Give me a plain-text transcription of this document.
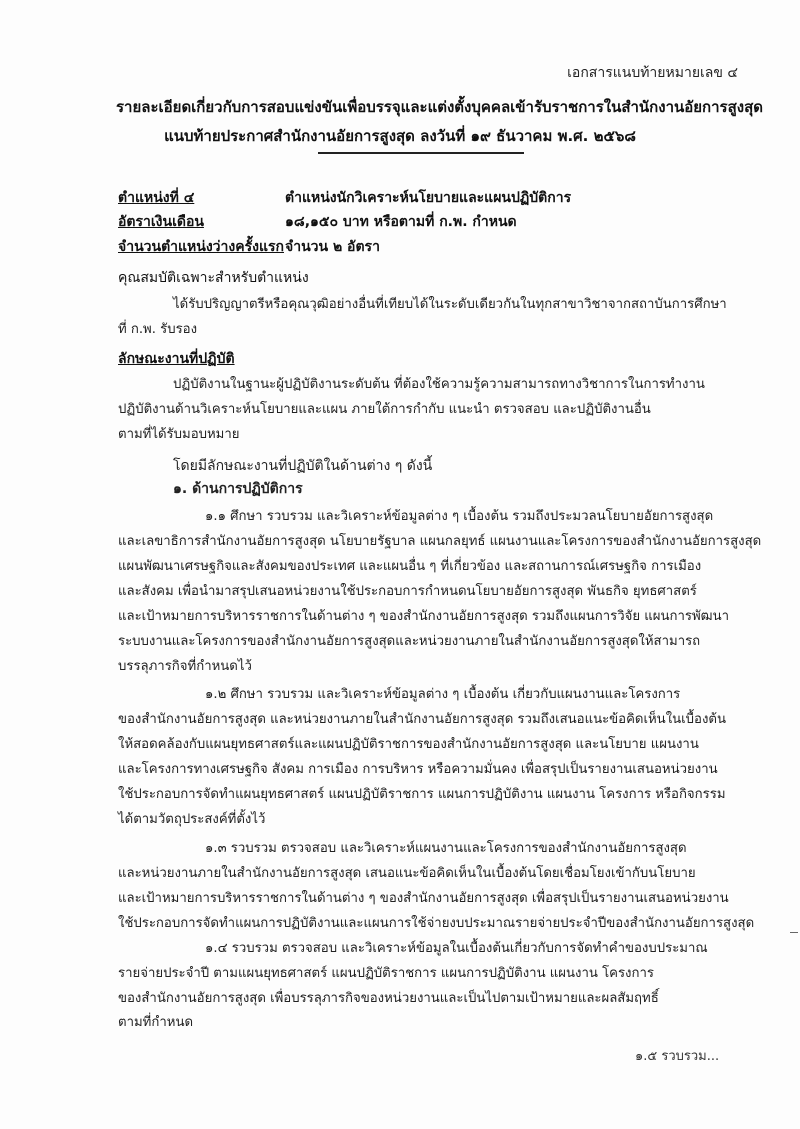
เอกสารแนบท้ายหมายเลข ๔
รายละเอียดเกี่ยวกับการสอบแข่งขันเพื่อบรรจุและแต่งตั้งบุคคลเข้ารับราชการในสำนักงานอัยการสูงสุด
แนบท้ายประกาศสำนักงานอัยการสูงสุด ลงวันที่ ๑๙ ธันวาคม พ.ศ. ๒๕๖๘
ตำแหน่งที่ ๔	ตำแหน่งนักวิเคราะห์นโยบายและแผนปฏิบัติการ
อัตราเงินเดือน	๑๘,๑๕๐ บาท หรือตามที่ ก.พ. กำหนด
จำนวนตำแหน่งว่างครั้งแรก จำนวน ๒ อัตรา
คุณสมบัติเฉพาะสำหรับตำแหน่ง
ได้รับปริญญาตรีหรือคุณวุฒิอย่างอื่นที่เทียบได้ในระดับเดียวกันในทุกสาขาวิชาจากสถาบันการศึกษา
ที่ ก.พ. รับรอง
ลักษณะงานที่ปฏิบัติ
ปฏิบัติงานในฐานะผู้ปฏิบัติงานระดับต้น ที่ต้องใช้ความรู้ความสามารถทางวิชาการในการทำงาน
ปฏิบัติงานด้านวิเคราะห์นโยบายและแผน ภายใต้การกำกับ แนะนำ ตรวจสอบ และปฏิบัติงานอื่น
ตามที่ได้รับมอบหมาย
โดยมีลักษณะงานที่ปฏิบัติในด้านต่าง ๆ ดังนี้
๑. ด้านการปฏิบัติการ
๑.๑ ศึกษา รวบรวม และวิเคราะห์ข้อมูลต่าง ๆ เบื้องต้น รวมถึงประมวลนโยบายอัยการสูงสุด
และเลขาธิการสำนักงานอัยการสูงสุด นโยบายรัฐบาล แผนกลยุทธ์ แผนงานและโครงการของสำนักงานอัยการสูงสุด
แผนพัฒนาเศรษฐกิจและสังคมของประเทศ และแผนอื่น ๆ ที่เกี่ยวข้อง และสถานการณ์เศรษฐกิจ การเมือง
และสังคม เพื่อนำมาสรุปเสนอหน่วยงานใช้ประกอบการกำหนดนโยบายอัยการสูงสุด พันธกิจ ยุทธศาสตร์
และเป้าหมายการบริหารราชการในด้านต่าง ๆ ของสำนักงานอัยการสูงสุด รวมถึงแผนการวิจัย แผนการพัฒนา
ระบบงานและโครงการของสำนักงานอัยการสูงสุดและหน่วยงานภายในสำนักงานอัยการสูงสุดให้สามารถ
บรรลุภารกิจที่กำหนดไว้
๑.๒ ศึกษา รวบรวม และวิเคราะห์ข้อมูลต่าง ๆ เบื้องต้น เกี่ยวกับแผนงานและโครงการ
ของสำนักงานอัยการสูงสุด และหน่วยงานภายในสำนักงานอัยการสูงสุด รวมถึงเสนอแนะข้อคิดเห็นในเบื้องต้น
ให้สอดคล้องกับแผนยุทธศาสตร์และแผนปฏิบัติราชการของสำนักงานอัยการสูงสุด และนโยบาย แผนงาน
และโครงการทางเศรษฐกิจ สังคม การเมือง การบริหาร หรือความมั่นคง เพื่อสรุปเป็นรายงานเสนอหน่วยงาน
ใช้ประกอบการจัดทำแผนยุทธศาสตร์ แผนปฏิบัติราชการ แผนการปฏิบัติงาน แผนงาน โครงการ หรือกิจกรรม
ได้ตามวัตถุประสงค์ที่ตั้งไว้
๑.๓ รวบรวม ตรวจสอบ และวิเคราะห์แผนงานและโครงการของสำนักงานอัยการสูงสุด
และหน่วยงานภายในสำนักงานอัยการสูงสุด เสนอแนะข้อคิดเห็นในเบื้องต้นโดยเชื่อมโยงเข้ากับนโยบาย
และเป้าหมายการบริหารราชการในด้านต่าง ๆ ของสำนักงานอัยการสูงสุด เพื่อสรุปเป็นรายงานเสนอหน่วยงาน
ใช้ประกอบการจัดทำแผนการปฏิบัติงานและแผนการใช้จ่ายงบประมาณรายจ่ายประจำปีของสำนักงานอัยการสูงสุด
๑.๔ รวบรวม ตรวจสอบ และวิเคราะห์ข้อมูลในเบื้องต้นเกี่ยวกับการจัดทำคำของบประมาณ
รายจ่ายประจำปี ตามแผนยุทธศาสตร์ แผนปฏิบัติราชการ แผนการปฏิบัติงาน แผนงาน โครงการ
ของสำนักงานอัยการสูงสุด เพื่อบรรลุภารกิจของหน่วยงานและเป็นไปตามเป้าหมายและผลสัมฤทธิ์
ตามที่กำหนด
๑.๕ รวบรวม...
